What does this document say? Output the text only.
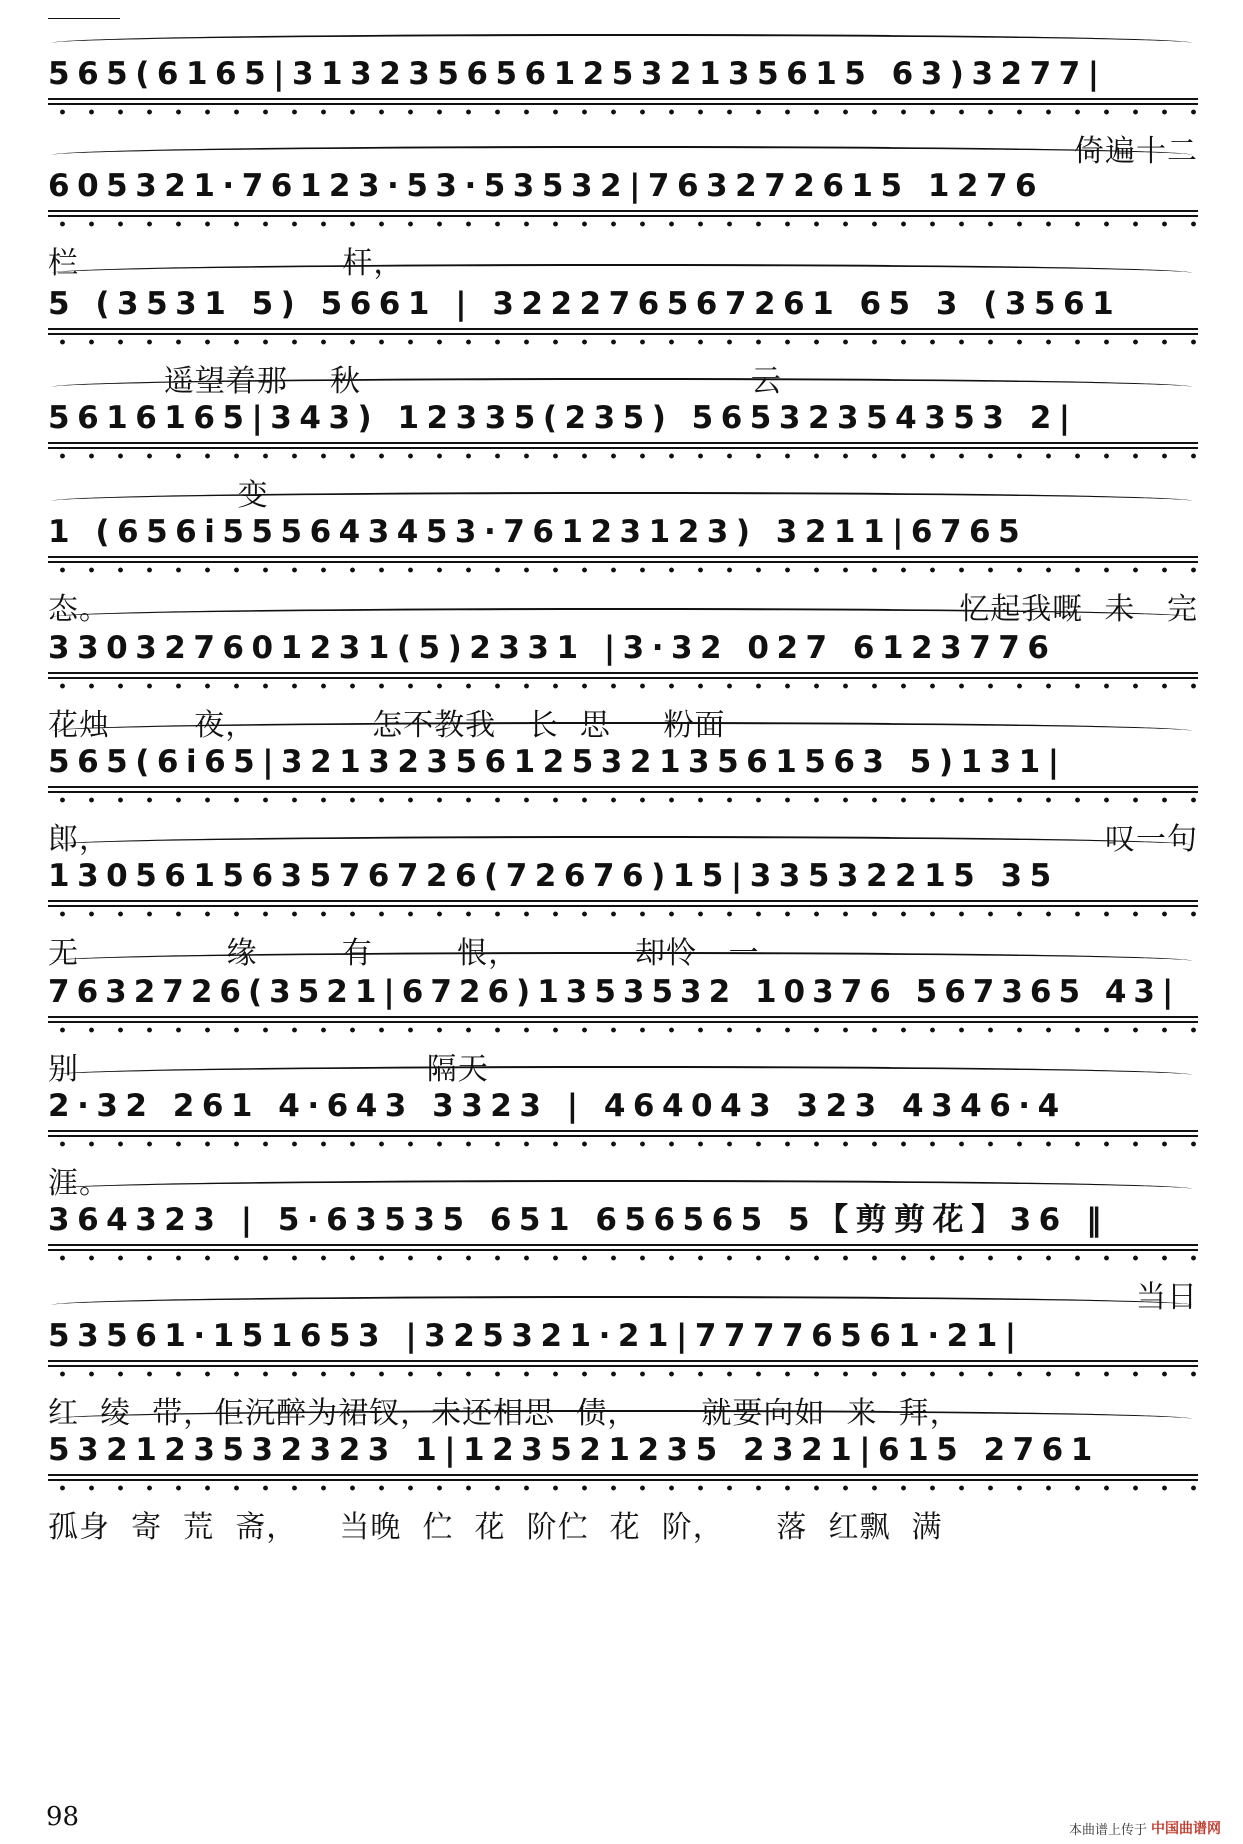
565(6165|31323565612532135615 63)3277|
倚遍十二
605321·76123·53·53532|763272615 1276
栏                         杆，
5 (3531 5) 5661 | 322276567261 65 3 (3561
遥望着那    秋                                     云
5616165|343) 12335(235) 56532354353 2|
变
1 (656i555643453·76123123) 3211|6765
态。	忆起我嘅  未   完
330327601231(5)2331 |3·32 027 6123776
花烛        夜，           怎不教我   长  思     粉面
565(6i65|321323561253213561563 5)131|
郎，	叹一句
130561563576726(72676)15|33532215 35
无              缘        有        恨，           却怜   一
7632726(3521|6726)1353532 10376 567365 43|
别                                 隔天
2·32 261 4·643 3323 | 464043 323 4346·4
涯。
364323 | 5·63535 651 656565 5【剪剪花】36 ‖
当日
53561·151653 |325321·21|77776561·21|
红  绫  带，佢沉醉为裙钗，未还相思  债，      就要向如  来  拜，
532123532323 1|123521235 2321|615 2761
孤身  寄  荒  斋，    当晚  伫  花  阶伫  花  阶，     落  红飘  满
98	本曲谱上传于 中国曲谱网
